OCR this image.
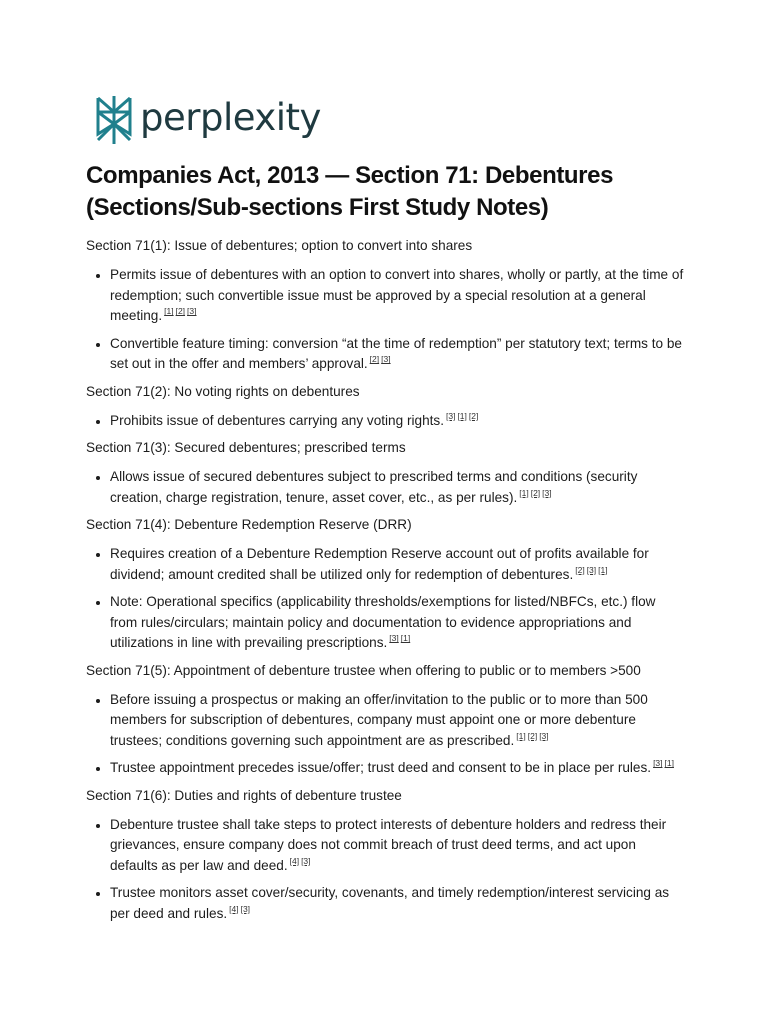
perplexity
Companies Act, 2013 — Section 71: Debentures (Sections/Sub-sections First Study Notes)
Section 71(1): Issue of debentures; option to convert into shares
• Permits issue of debentures with an option to convert into shares, wholly or partly, at the time of redemption; such convertible issue must be approved by a special resolution at a general meeting. [1] [2] [3]
• Convertible feature timing: conversion “at the time of redemption” per statutory text; terms to be set out in the offer and members’ approval. [2] [3]
Section 71(2): No voting rights on debentures
• Prohibits issue of debentures carrying any voting rights. [3] [1] [2]
Section 71(3): Secured debentures; prescribed terms
• Allows issue of secured debentures subject to prescribed terms and conditions (security creation, charge registration, tenure, asset cover, etc., as per rules). [1] [2] [3]
Section 71(4): Debenture Redemption Reserve (DRR)
• Requires creation of a Debenture Redemption Reserve account out of profits available for dividend; amount credited shall be utilized only for redemption of debentures. [2] [3] [1]
• Note: Operational specifics (applicability thresholds/exemptions for listed/NBFCs, etc.) flow from rules/circulars; maintain policy and documentation to evidence appropriations and utilizations in line with prevailing prescriptions. [3] [1]
Section 71(5): Appointment of debenture trustee when offering to public or to members >500
• Before issuing a prospectus or making an offer/invitation to the public or to more than 500 members for subscription of debentures, company must appoint one or more debenture trustees; conditions governing such appointment are as prescribed. [1] [2] [3]
• Trustee appointment precedes issue/offer; trust deed and consent to be in place per rules. [3] [1]
Section 71(6): Duties and rights of debenture trustee
• Debenture trustee shall take steps to protect interests of debenture holders and redress their grievances, ensure company does not commit breach of trust deed terms, and act upon defaults as per law and deed. [4] [3]
• Trustee monitors asset cover/security, covenants, and timely redemption/interest servicing as per deed and rules. [4] [3]
